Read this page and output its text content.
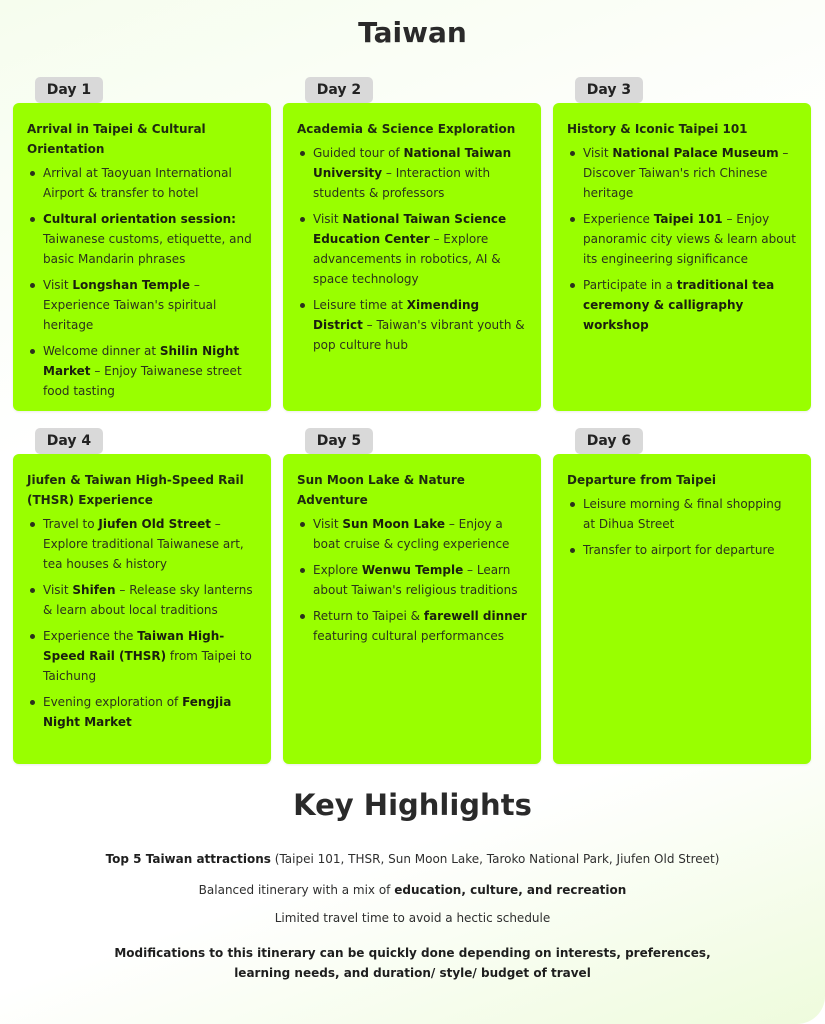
Taiwan
Day 1
Arrival in Taipei & Cultural Orientation
Arrival at Taoyuan International Airport & transfer to hotel
Cultural orientation session: Taiwanese customs, etiquette, and basic Mandarin phrases
Visit Longshan Temple – Experience Taiwan's spiritual heritage
Welcome dinner at Shilin Night Market – Enjoy Taiwanese street food tasting
Day 2
Academia & Science Exploration
Guided tour of National Taiwan University – Interaction with students & professors
Visit National Taiwan Science Education Center – Explore advancements in robotics, AI & space technology
Leisure time at Ximending District – Taiwan's vibrant youth & pop culture hub
Day 3
History & Iconic Taipei 101
Visit National Palace Museum – Discover Taiwan's rich Chinese heritage
Experience Taipei 101 – Enjoy panoramic city views & learn about its engineering significance
Participate in a traditional tea ceremony & calligraphy workshop
Day 4
Jiufen & Taiwan High-Speed Rail (THSR) Experience
Travel to Jiufen Old Street – Explore traditional Taiwanese art, tea houses & history
Visit Shifen – Release sky lanterns & learn about local traditions
Experience the Taiwan High-Speed Rail (THSR) from Taipei to Taichung
Evening exploration of Fengjia Night Market
Day 5
Sun Moon Lake & Nature Adventure
Visit Sun Moon Lake – Enjoy a boat cruise & cycling experience
Explore Wenwu Temple – Learn about Taiwan's religious traditions
Return to Taipei & farewell dinner featuring cultural performances
Day 6
Departure from Taipei
Leisure morning & final shopping at Dihua Street
Transfer to airport for departure
Key Highlights

Top 5 Taiwan attractions (Taipei 101, THSR, Sun Moon Lake, Taroko National Park, Jiufen Old Street)

Balanced itinerary with a mix of education, culture, and recreation

Limited travel time to avoid a hectic schedule

Modifications to this itinerary can be quickly done depending on interests, preferences, learning needs, and duration/ style/ budget of travel
